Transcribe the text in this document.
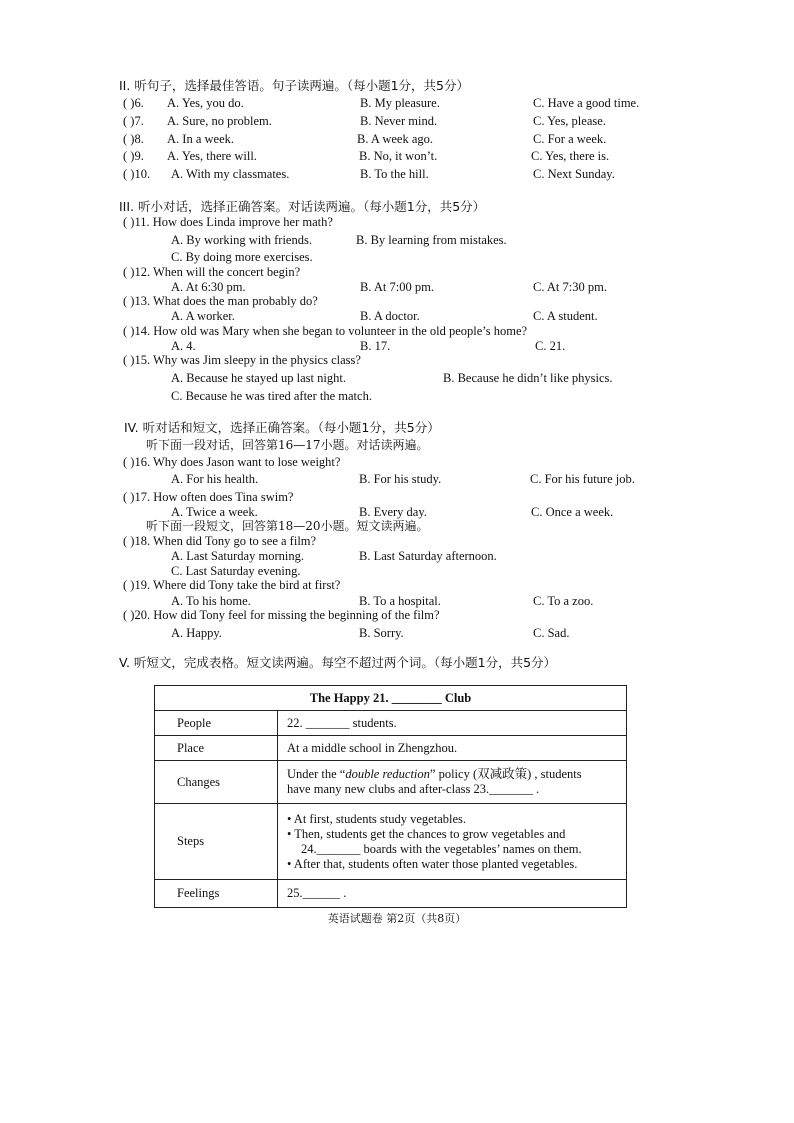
II. 听句子，选择最佳答语。句子读两遍。（每小题1分，共5分）
( )6. A. Yes, you do.	B. My pleasure.	C. Have a good time.
( )7. A. Sure, no problem.	B. Never mind.	C. Yes, please.
( )8. A. In a week.	B. A week ago.	C. For a week.
( )9. A. Yes, there will.	B. No, it won’t.	C. Yes, there is.
( )10. A. With my classmates.	B. To the hill.	C. Next Sunday.
III. 听小对话，选择正确答案。对话读两遍。（每小题1分，共5分）
( )11. How does Linda improve her math?
A. By working with friends.	B. By learning from mistakes.
C. By doing more exercises.
( )12. When will the concert begin?
A. At 6:30 pm.	B. At 7:00 pm.	C. At 7:30 pm.
( )13. What does the man probably do?
A. A worker.	B. A doctor.	C. A student.
( )14. How old was Mary when she began to volunteer in the old people’s home?
A. 4.	B. 17.	C. 21.
( )15. Why was Jim sleepy in the physics class?
A. Because he stayed up last night.	B. Because he didn’t like physics.
C. Because he was tired after the match.
IV. 听对话和短文，选择正确答案。（每小题1分，共5分）
听下面一段对话，回答第16—17小题。对话读两遍。
( )16. Why does Jason want to lose weight?
A. For his health.	B. For his study.	C. For his future job.
( )17. How often does Tina swim?
A. Twice a week.	B. Every day.	C. Once a week.
听下面一段短文，回答第18—20小题。短文读两遍。
( )18. When did Tony go to see a film?
A. Last Saturday morning.	B. Last Saturday afternoon.
C. Last Saturday evening.
( )19. Where did Tony take the bird at first?
A. To his home.	B. To a hospital.	C. To a zoo.
( )20. How did Tony feel for missing the beginning of the film?
A. Happy.	B. Sorry.	C. Sad.
V. 听短文，完成表格。短文读两遍。每空不超过两个词。（每小题1分，共5分）
The Happy 21. ________ Club	
People	22. _______ students.
Place	At a middle school in Zhengzhou.
Changes	Under the “double reduction” policy (双减政策) , students
have many new clubs and after-class 23._______ .
Steps	• At first, students study vegetables.
• Then, students get the chances to grow vegetables and
24._______ boards with the vegetables’ names on them.
• After that, students often water those planted vegetables.

Feelings	25.______ .
英语试题卷 第2页（共8页）
